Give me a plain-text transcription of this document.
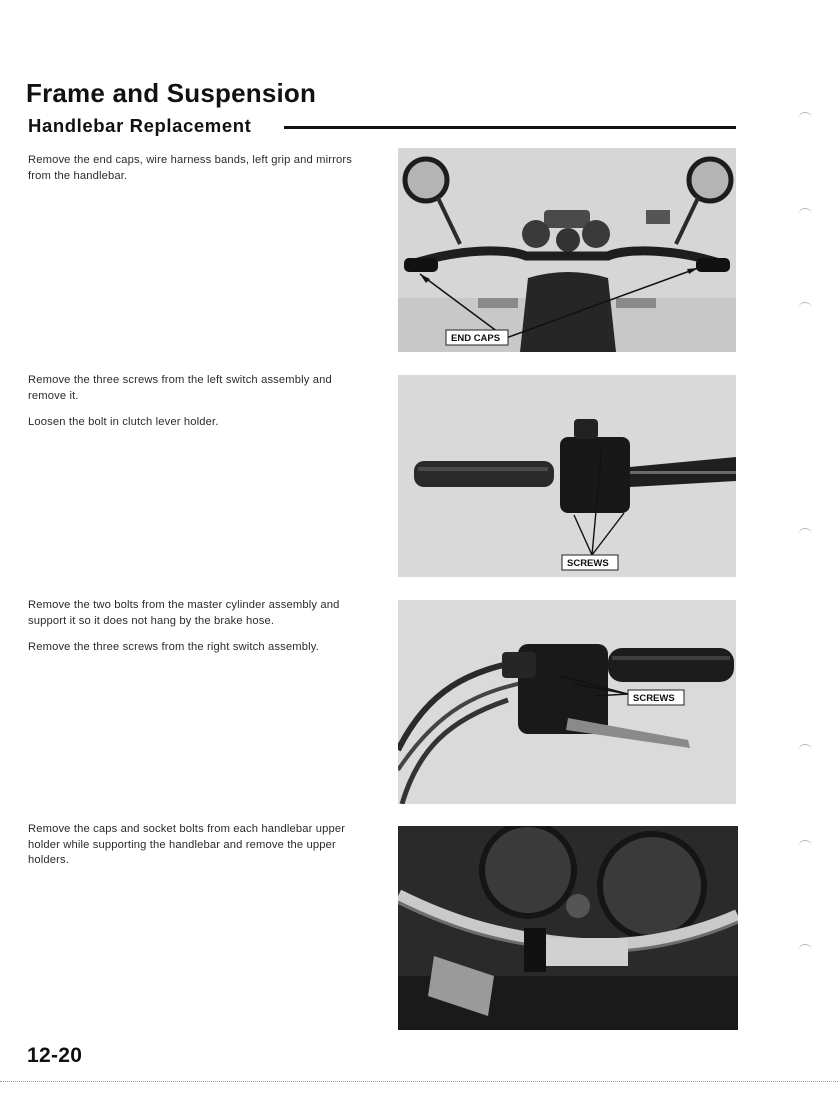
Frame and Suspension
Handlebar Replacement

Remove the end caps, wire harness bands, left grip and mirrors from the handlebar.

END CAPS

Remove the three screws from the left switch assembly and remove it.

Loosen the bolt in clutch lever holder.

SCREWS

Remove the two bolts from the master cylinder assembly and support it so it does not hang by the brake hose.

Remove the three screws from the right switch assembly.

SCREWS

Remove the caps and socket bolts from each handlebar upper holder while supporting the handlebar and remove the upper holders.

12-20
